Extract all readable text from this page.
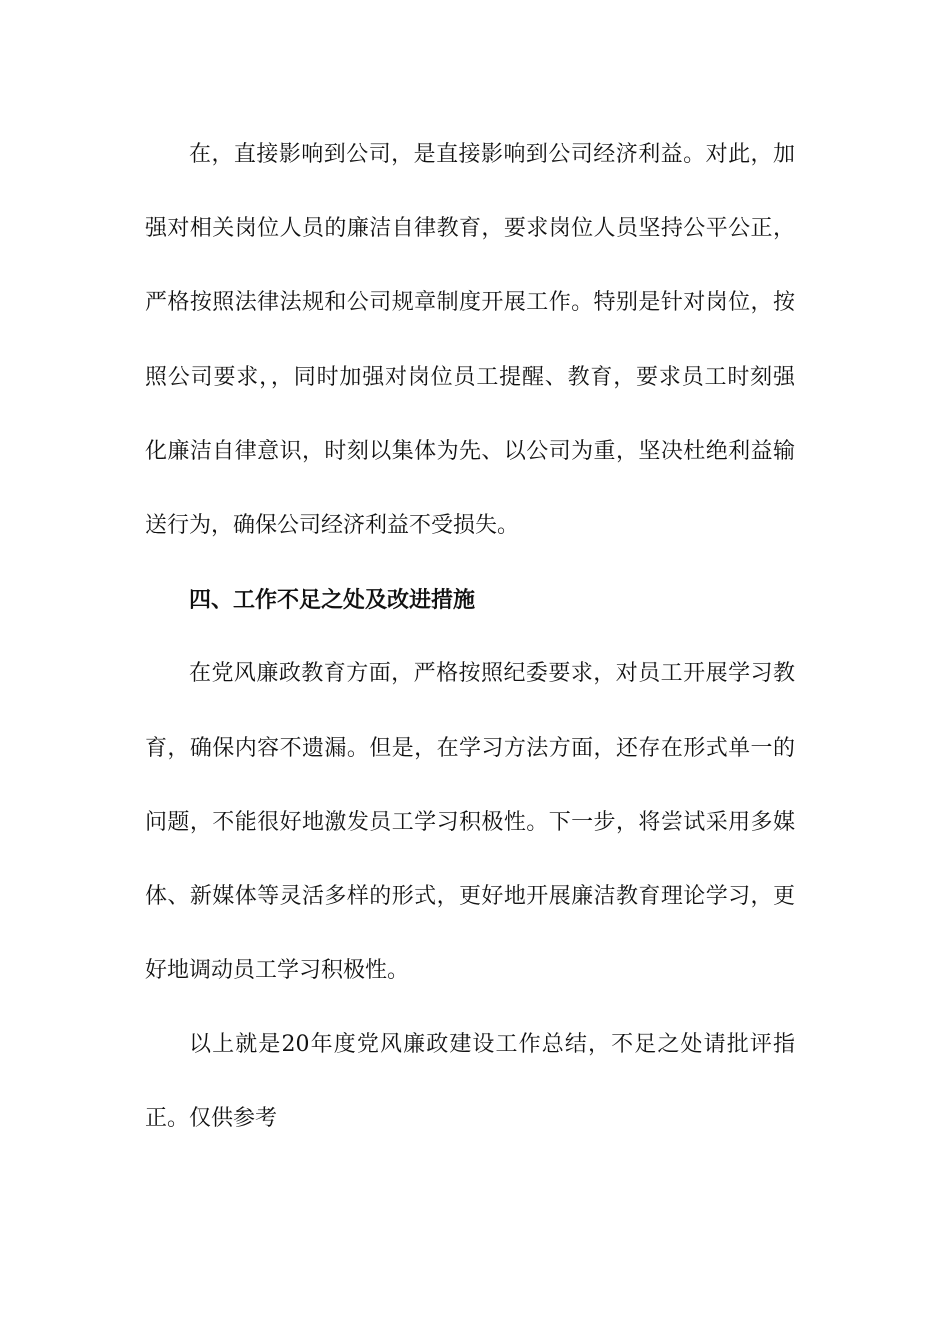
在，直接影响到公司，是直接影响到公司经济利益。对此，加
强对相关岗位人员的廉洁自律教育，要求岗位人员坚持公平公正，
严格按照法律法规和公司规章制度开展工作。特别是针对岗位，按
照公司要求，，同时加强对岗位员工提醒、教育，要求员工时刻强
化廉洁自律意识，时刻以集体为先、以公司为重，坚决杜绝利益输
送行为，确保公司经济利益不受损失。
四、工作不足之处及改进措施
在党风廉政教育方面，严格按照纪委要求，对员工开展学习教
育，确保内容不遗漏。但是，在学习方法方面，还存在形式单一的
问题，不能很好地激发员工学习积极性。下一步，将尝试采用多媒
体、新媒体等灵活多样的形式，更好地开展廉洁教育理论学习，更
好地调动员工学习积极性。
以上就是20年度党风廉政建设工作总结，不足之处请批评指
正。仅供参考
